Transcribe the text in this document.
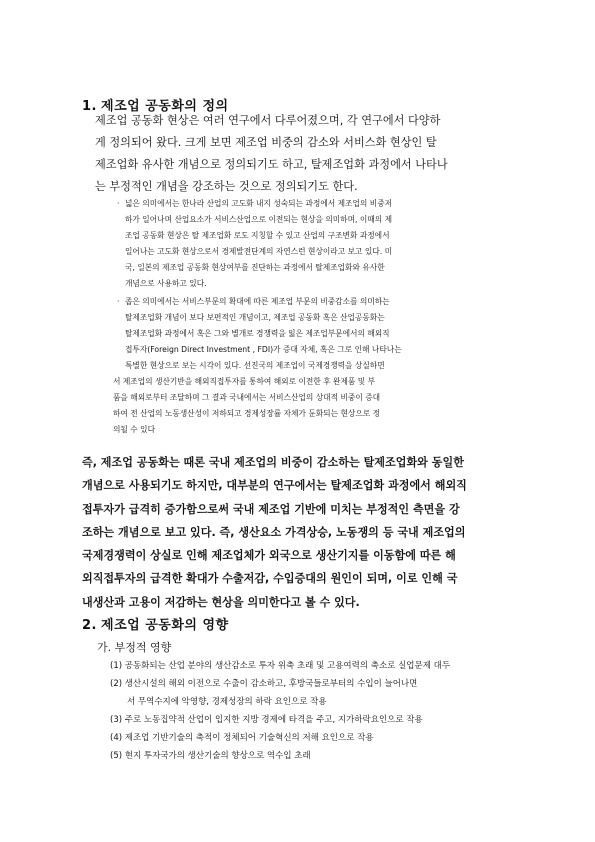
1. 제조업 공동화의 정의
제조업 공동화 현상은 여러 연구에서 다루어졌으며, 각 연구에서 다양하
게 정의되어 왔다. 크게 보면 제조업 비중의 감소와 서비스화 현상인 탈
제조업화 유사한 개념으로 정의되기도 하고, 탈제조업화 과정에서 나타나
는 부정적인 개념을 강조하는 것으로 정의되기도 한다.
· 넓은 의미에서는 한나라 산업의 고도화 내지 성숙되는 과정에서 제조업의 비중저
하가 일어나며 산업요소가 서비스산업으로 이전되는 현상을 의미하며, 이때의 제
조업 공동화 현상은 탈 제조업화 로도 지칭할 수 있고 산업의 구조변화 과정에서
일어나는 고도화 현상으로서 경제발전단계의 자연스런 현상이라고 보고 있다. 미
국, 일본의 제조업 공동화 현상여부를 진단하는 과정에서 탈제조업화와 유사한
개념으로 사용하고 있다.
· 좁은 의미에서는 서비스부문의 확대에 따른 제조업 부문의 비중감소를 의미하는
탈제조업화 개념이 보다 보편적인 개념이고, 제조업 공동화 혹은 산업공동화는
탈제조업화 과정에서 혹은 그와 별개로 경쟁력을 잃은 제조업부문에서의 해외직
접투자(Foreign Direct Investment , FDI)가 증대 자체, 혹은 그로 인해 나타나는
특별한 현상으로 보는 시각이 있다. 선진국의 제조업이 국제경쟁력을 상실하면
서 제조업의 생산기반을 해외직접투자를 통하여 해외로 이전한 후 완제품 및 부
품을 해외로부터 조달하며 그 결과 국내에서는 서비스산업의 상대적 비중이 증대
하여 전 산업의 노동생산성이 저하되고 경제성장률 자체가 둔화되는 현상으로 정
의될 수 있다
즉, 제조업 공동화는 때론 국내 제조업의 비중이 감소하는 탈제조업화와 동일한
개념으로 사용되기도 하지만, 대부분의 연구에서는 탈제조업화 과정에서 해외직
접투자가 급격히 증가함으로써 국내 제조업 기반에 미치는 부정적인 측면을 강
조하는 개념으로 보고 있다. 즉, 생산요소 가격상승, 노동쟁의 등 국내 제조업의
국제경쟁력이 상실로 인해 제조업체가 외국으로 생산기지를 이동함에 따른 해
외직접투자의 급격한 확대가 수출저감, 수입증대의 원인이 되며, 이로 인해 국
내생산과 고용이 저감하는 현상을 의미한다고 볼 수 있다.
2. 제조업 공동화의 영향
가. 부정적 영향
(1) 공동화되는 산업 분야의 생산감소로 투자 위축 초래 및 고용여력의 축소로 실업문제 대두
(2) 생산시설의 해외 이전으로 수출이 감소하고, 후방국들로부터의 수입이 늘어나면
서 무역수지에 악영향, 경제성장의 하락 요인으로 작용
(3) 주로 노동집약적 산업이 입지한 지방 경제에 타격을 주고, 지가하락요인으로 작용
(4) 제조업 기반기술의 축적이 정체되어 기술혁신의 저해 요인으로 작용
(5) 현지 투자국가의 생산기술의 향상으로 역수입 초래
